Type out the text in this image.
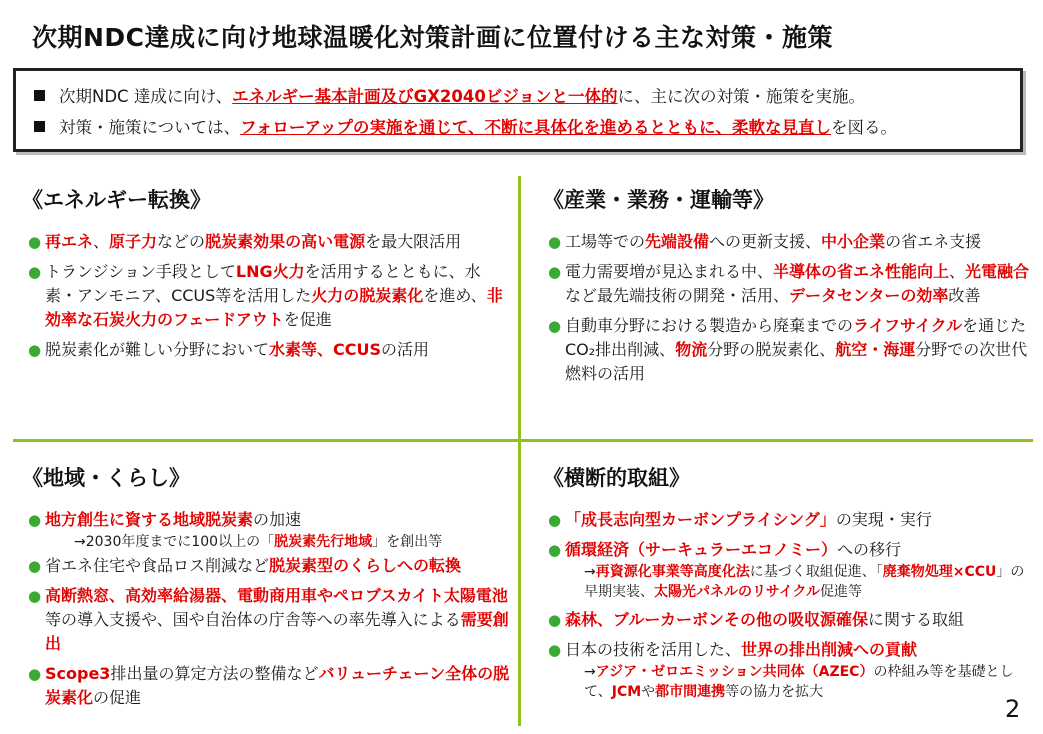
次期NDC達成に向け地球温暖化対策計画に位置付ける主な対策・施策
次期NDC 達成に向け、エネルギー基本計画及びGX2040ビジョンと一体的に、主に次の対策・施策を実施。
対策・施策については、フォローアップの実施を通じて、不断に具体化を進めるとともに、柔軟な見直しを図る。
《エネルギー転換》
● 再エネ、原子力などの脱炭素効果の高い電源を最大限活用
● トランジション手段としてLNG火力を活用するとともに、水素・アンモニア、CCUS等を活用した火力の脱炭素化を進め、非効率な石炭火力のフェードアウトを促進
● 脱炭素化が難しい分野において水素等、CCUSの活用
《産業・業務・運輸等》
● 工場等での先端設備への更新支援、中小企業の省エネ支援
● 電力需要増が見込まれる中、半導体の省エネ性能向上、光電融合など最先端技術の開発・活用、データセンターの効率改善
● 自動車分野における製造から廃棄までのライフサイクルを通じたCO₂排出削減、物流分野の脱炭素化、航空・海運分野での次世代燃料の活用
《地域・くらし》
● 地方創生に資する地域脱炭素の加速
→2030年度までに100以上の「脱炭素先行地域」を創出等
● 省エネ住宅や食品ロス削減など脱炭素型のくらしへの転換
● 高断熱窓、高効率給湯器、電動商用車やペロブスカイト太陽電池等の導入支援や、国や自治体の庁舎等への率先導入による需要創出
● Scope3排出量の算定方法の整備などバリューチェーン全体の脱炭素化の促進
《横断的取組》
● 「成長志向型カーボンプライシング」の実現・実行
● 循環経済（サーキュラーエコノミー）への移行
→再資源化事業等高度化法に基づく取組促進、「廃棄物処理×CCU」の早期実装、太陽光パネルのリサイクル促進等
● 森林、ブルーカーボンその他の吸収源確保に関する取組
● 日本の技術を活用した、世界の排出削減への貢献
→アジア・ゼロエミッション共同体（AZEC）の枠組み等を基礎として、JCMや都市間連携等の協力を拡大
2
